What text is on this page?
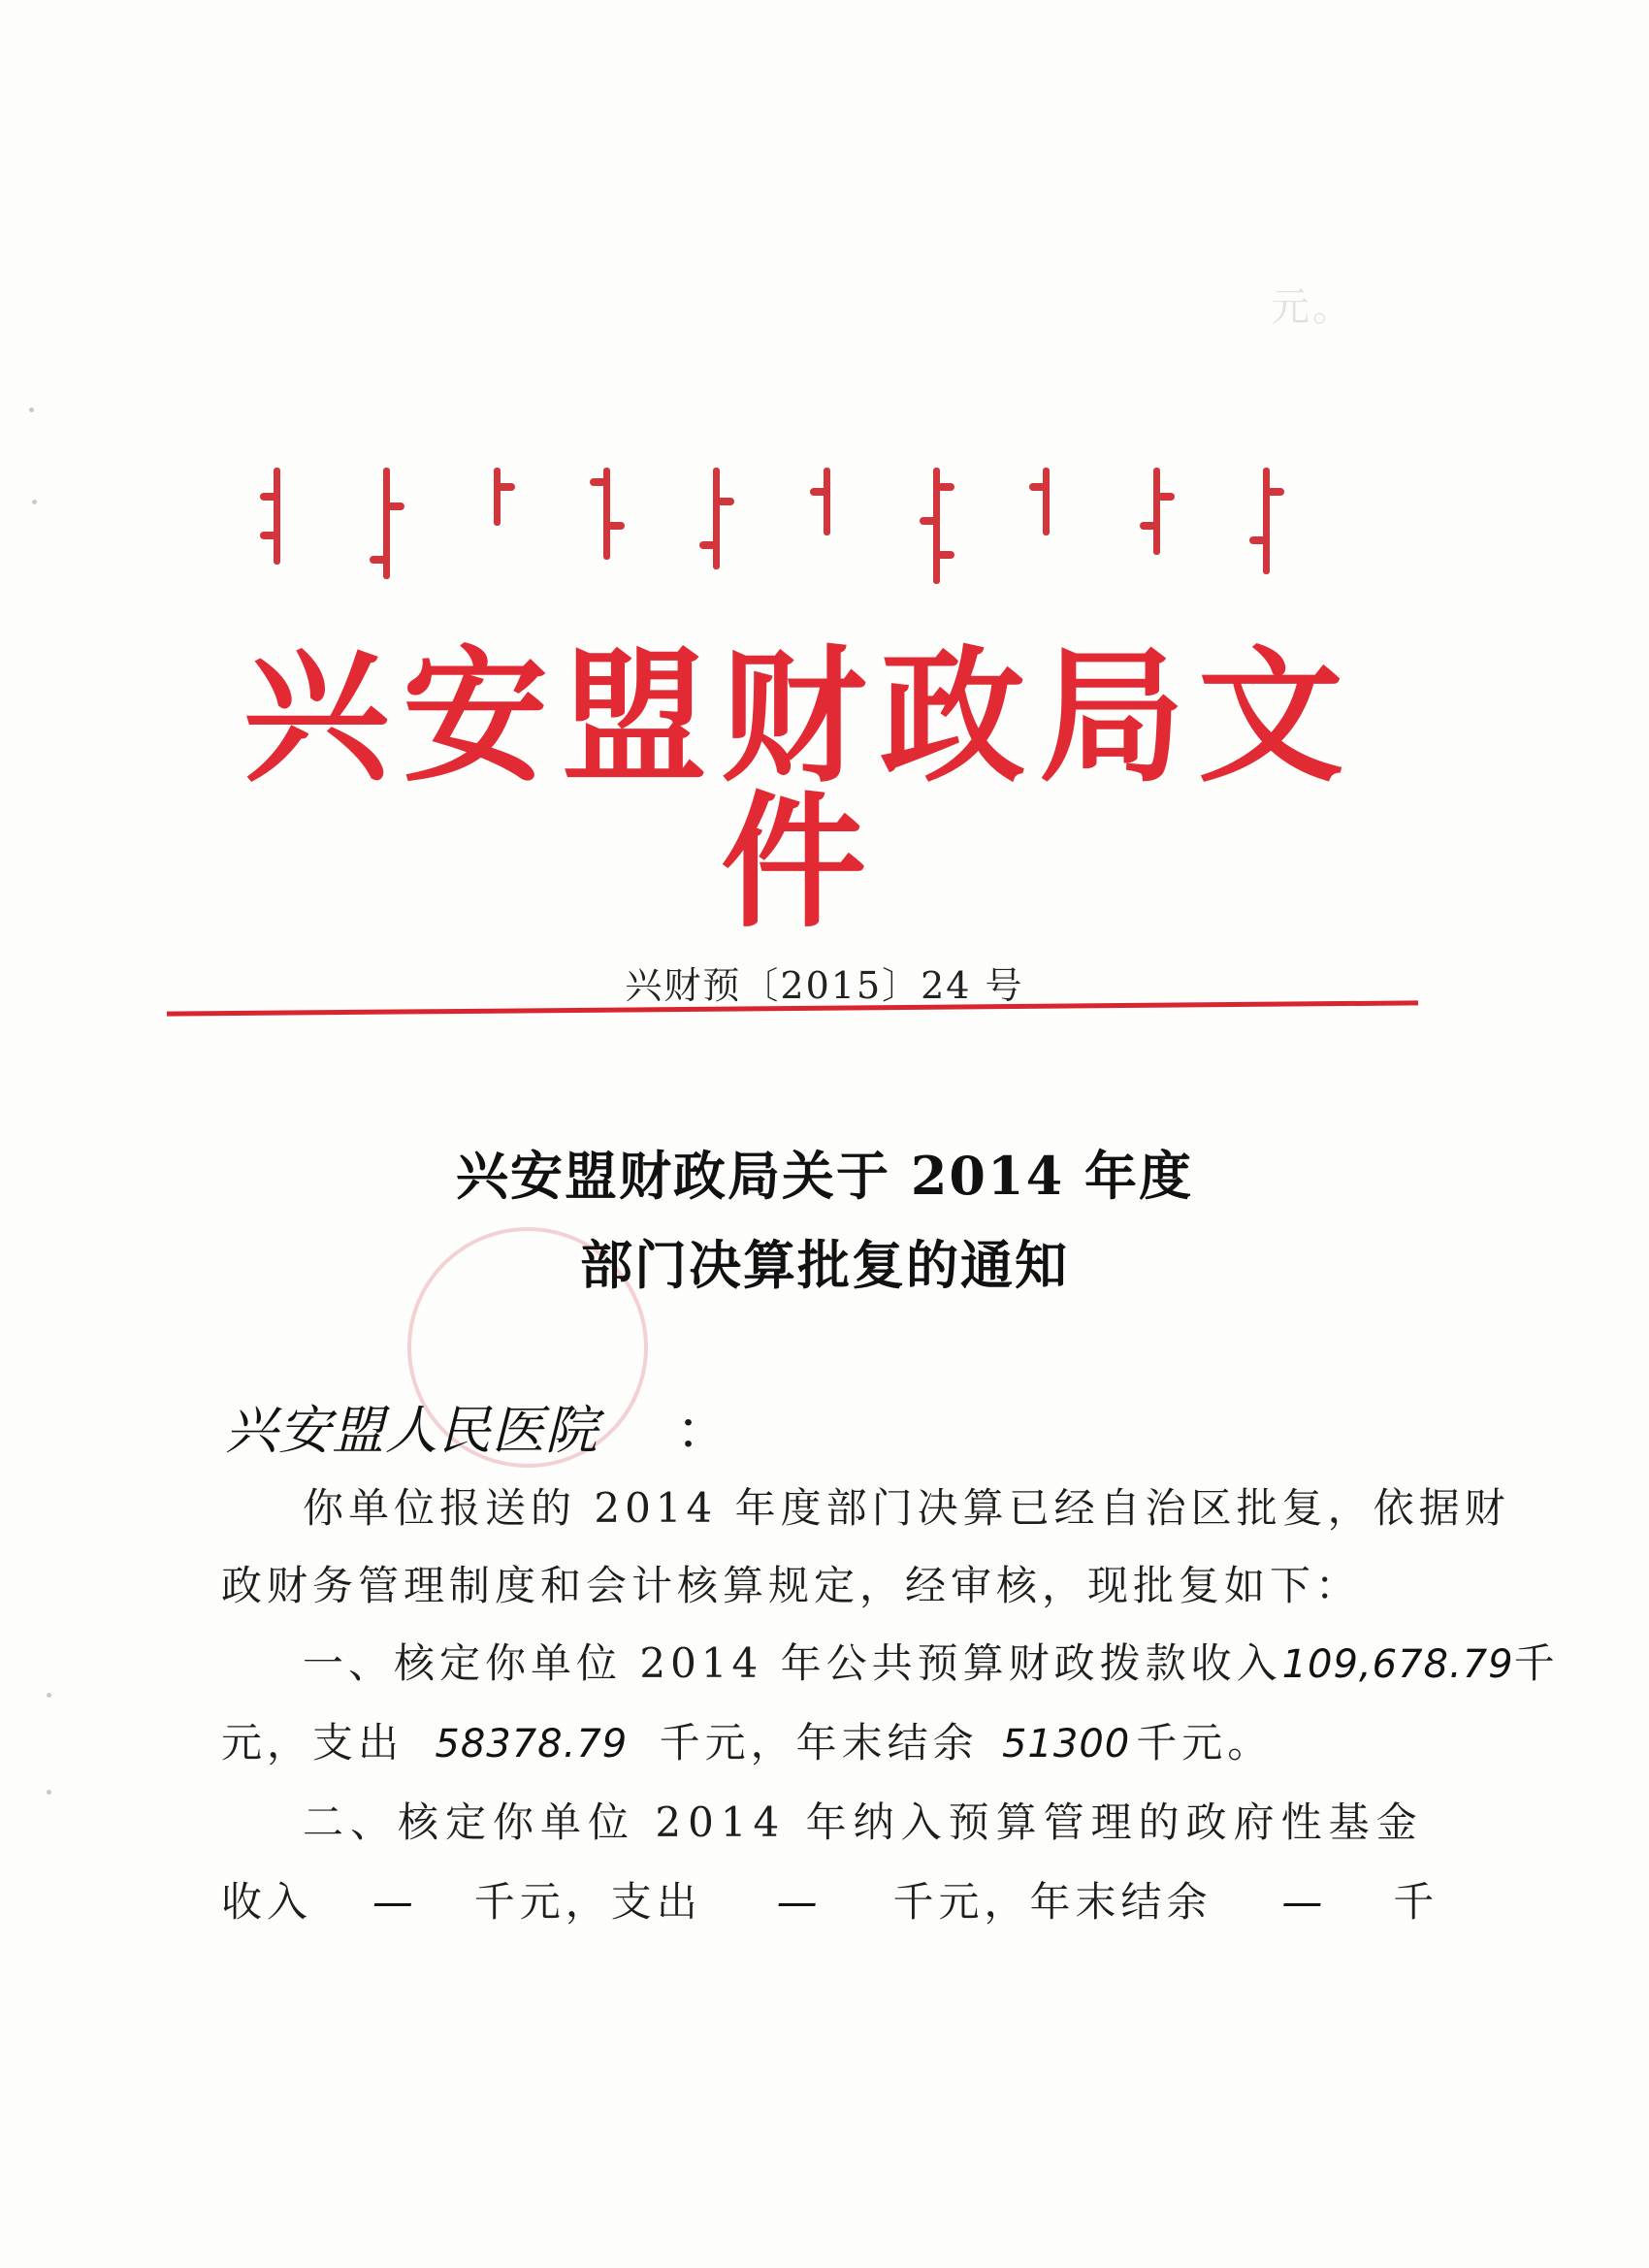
元。
兴安盟财政局文件
兴财预〔2015〕24 号
兴安盟财政局关于 2014 年度
部门决算批复的通知
兴安盟人民医院 ：
你单位报送的 2014 年度部门决算已经自治区批复，依据财
政财务管理制度和会计核算规定，经审核，现批复如下：
一、核定你单位 2014 年公共预算财政拨款收入109,678.79千
元，支出 58378.79 千元，年末结余 51300 千元。
二、核定你单位 2014 年纳入预算管理的政府性基金
收入 — 千元，支出 — 千元，年末结余 — 千
